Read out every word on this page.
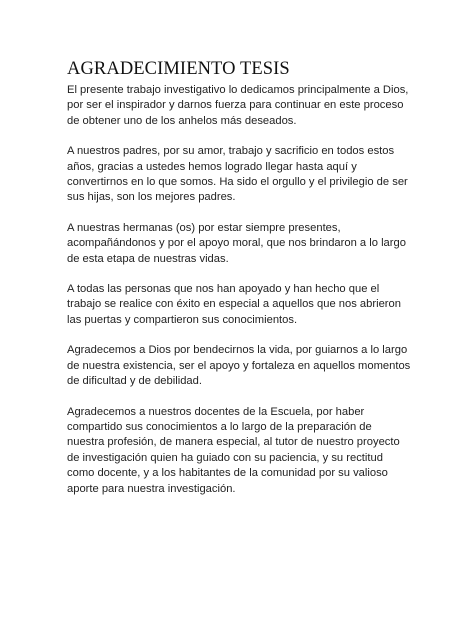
AGRADECIMIENTO TESIS

El presente trabajo investigativo lo dedicamos principalmente a Dios, por ser el inspirador y darnos fuerza para continuar en este proceso de obtener uno de los anhelos más deseados.

A nuestros padres, por su amor, trabajo y sacrificio en todos estos años, gracias a ustedes hemos logrado llegar hasta aquí y convertirnos en lo que somos. Ha sido el orgullo y el privilegio de ser sus hijas, son los mejores padres.

A nuestras hermanas (os) por estar siempre presentes, acompañándonos y por el apoyo moral, que nos brindaron a lo largo de esta etapa de nuestras vidas.

A todas las personas que nos han apoyado y han hecho que el trabajo se realice con éxito en especial a aquellos que nos abrieron las puertas y compartieron sus conocimientos.

Agradecemos a Dios por bendecirnos la vida, por guiarnos a lo largo de nuestra existencia, ser el apoyo y fortaleza en aquellos momentos de dificultad y de debilidad.

Agradecemos a nuestros docentes de la Escuela, por haber compartido sus conocimientos a lo largo de la preparación de nuestra profesión, de manera especial, al tutor de nuestro proyecto de investigación quien ha guiado con su paciencia, y su rectitud como docente, y a los habitantes de la comunidad por su valioso aporte para nuestra investigación.
